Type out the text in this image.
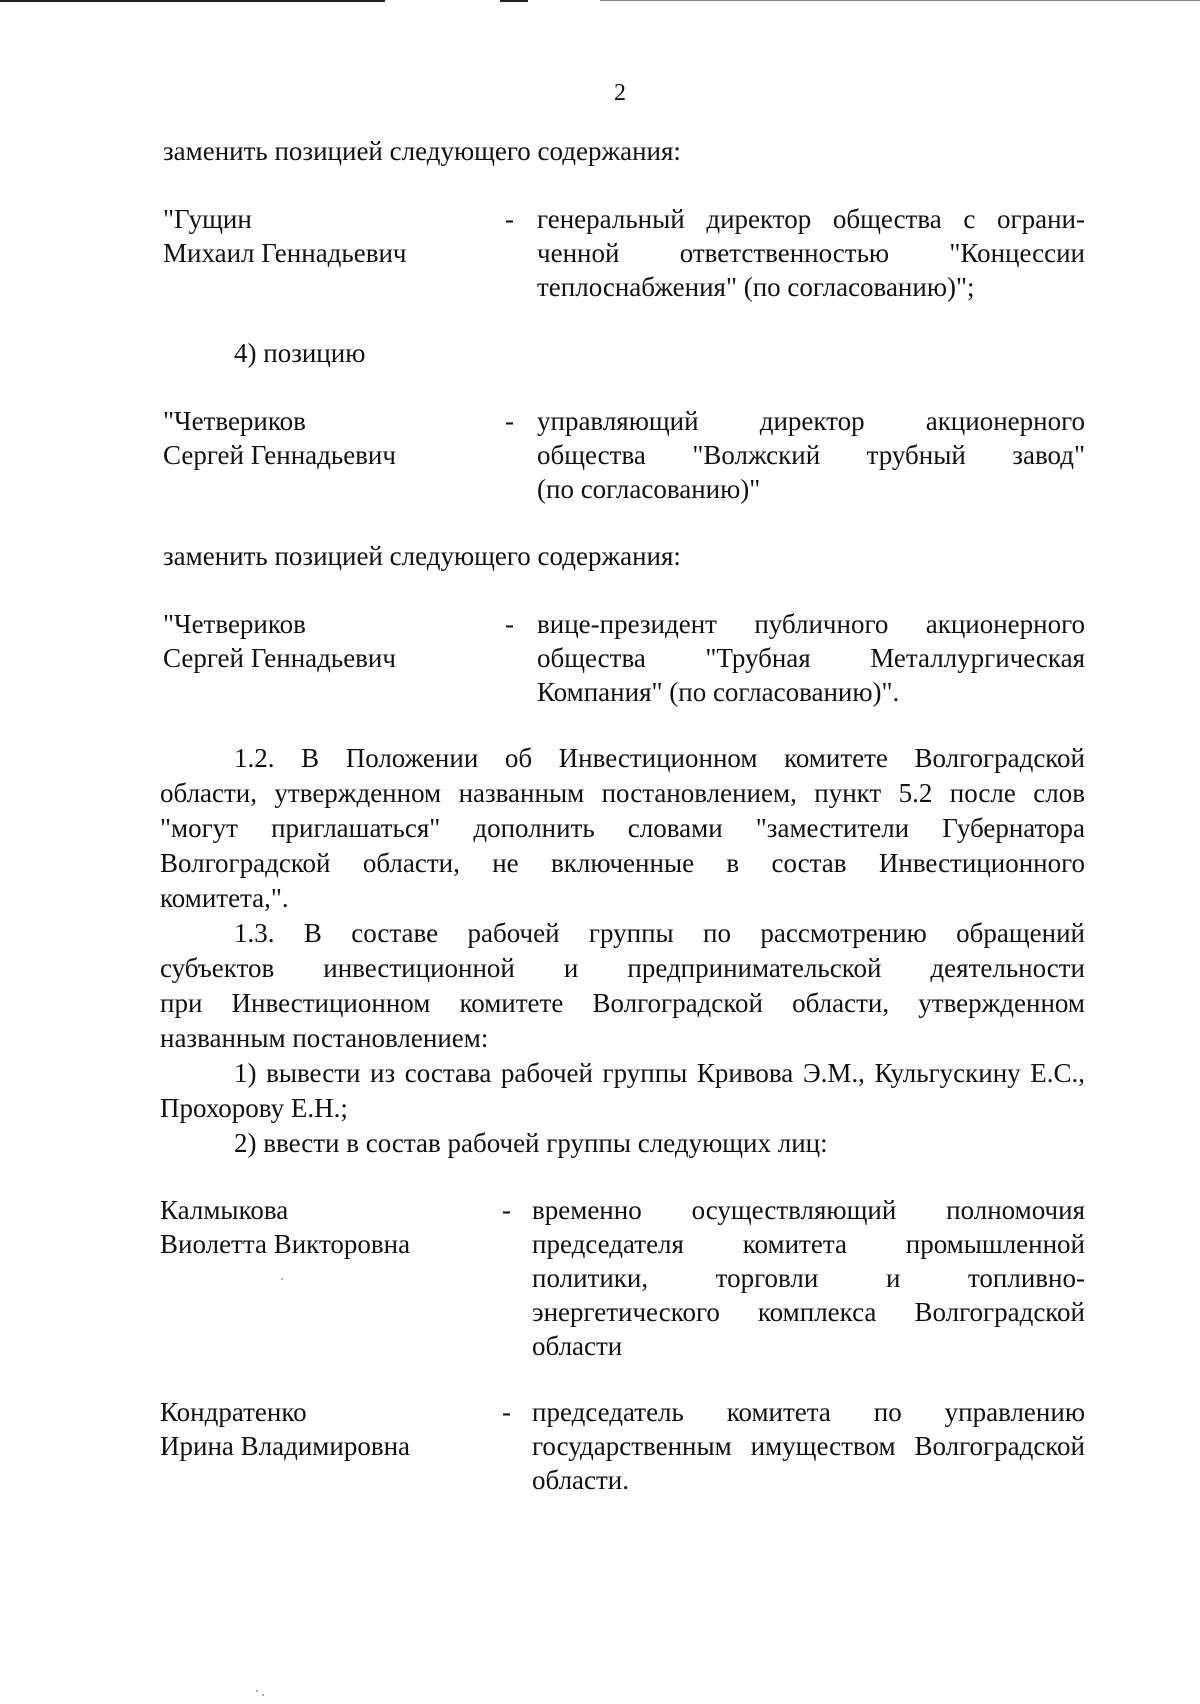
2
заменить позицией следующего содержания:
"Гущин
Михаил Геннадьевич
- генеральный директор общества с ограни-
ченной ответственностью "Концессии
теплоснабжения" (по согласованию)";
4) позицию
"Четвериков
Сергей Геннадьевич
- управляющий директор акционерного
общества "Волжский трубный завод"
(по согласованию)"
заменить позицией следующего содержания:
"Четвериков
Сергей Геннадьевич
- вице-президент публичного акционерного
общества "Трубная Металлургическая
Компания" (по согласованию)".
1.2. В Положении об Инвестиционном комитете Волгоградской
области, утвержденном названным постановлением, пункт 5.2 после слов
"могут приглашаться" дополнить словами "заместители Губернатора
Волгоградской области, не включенные в состав Инвестиционного
комитета,".
1.3. В составе рабочей группы по рассмотрению обращений
субъектов инвестиционной и предпринимательской деятельности
при Инвестиционном комитете Волгоградской области, утвержденном
названным постановлением:
1) вывести из состава рабочей группы Кривова Э.М., Кульгускину Е.С.,
Прохорову Е.Н.;
2) ввести в состав рабочей группы следующих лиц:
Калмыкова
Виолетта Викторовна
- временно осуществляющий полномочия
председателя комитета промышленной
политики, торговли и топливно-
энергетического комплекса Волгоградской
области
Кондратенко
Ирина Владимировна
- председатель комитета по управлению
государственным имуществом Волгоградской
области.
